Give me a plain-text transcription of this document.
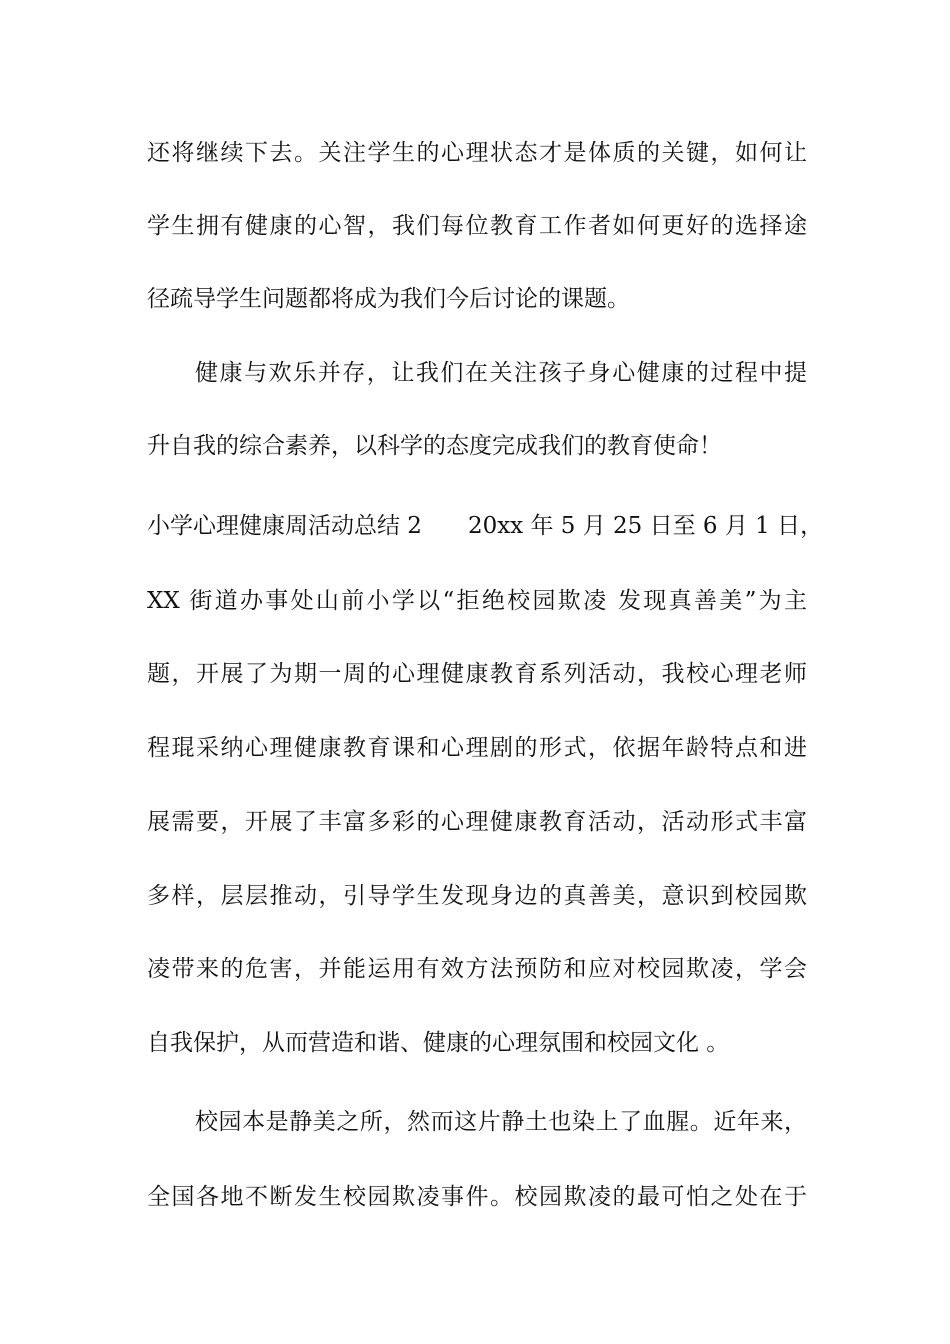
还将继续下去。关注学生的心理状态才是体质的关键，如何让
学生拥有健康的心智，我们每位教育工作者如何更好的选择途
径疏导学生问题都将成为我们今后讨论的课题。
健康与欢乐并存，让我们在关注孩子身心健康的过程中提
升自我的综合素养，以科学的态度完成我们的教育使命！
小学心理健康周活动总结 2　　20xx 年 5 月 25 日至 6 月 1 日，
XX 街道办事处山前小学以“拒绝校园欺凌 发现真善美”为主
题，开展了为期一周的心理健康教育系列活动，我校心理老师
程琨采纳心理健康教育课和心理剧的形式，依据年龄特点和进
展需要，开展了丰富多彩的心理健康教育活动，活动形式丰富
多样，层层推动，引导学生发现身边的真善美，意识到校园欺
凌带来的危害，并能运用有效方法预防和应对校园欺凌，学会
自我保护，从而营造和谐、健康的心理氛围和校园文化 。
校园本是静美之所，然而这片静土也染上了血腥。近年来，
全国各地不断发生校园欺凌事件。校园欺凌的最可怕之处在于
